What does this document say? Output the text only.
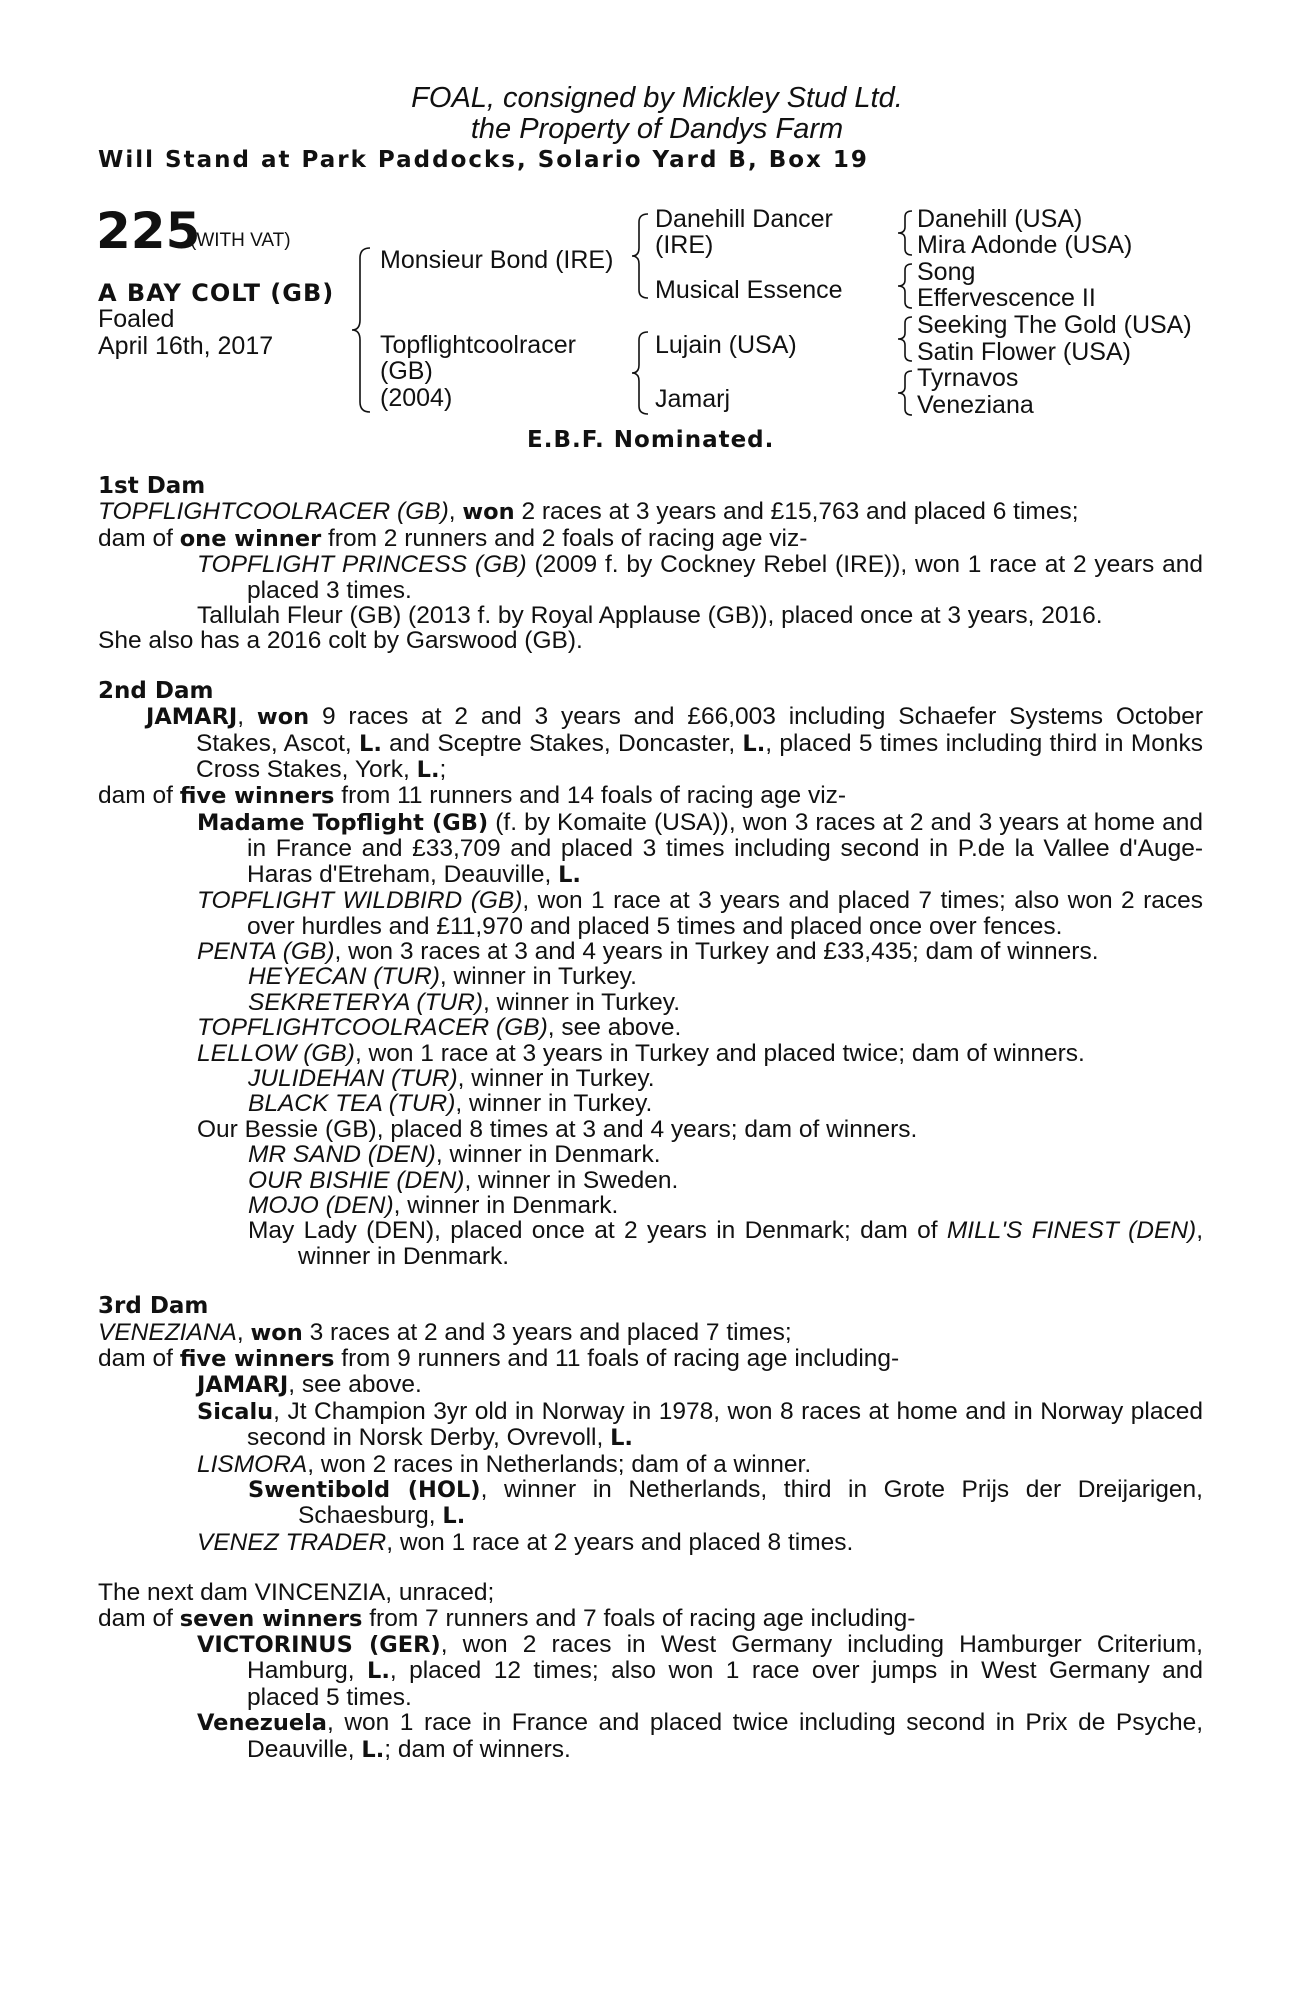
FOAL, consigned by Mickley Stud Ltd.
the Property of Dandys Farm
Will Stand at Park Paddocks, Solario Yard B, Box 19
225
(WITH VAT)
A BAY COLT (GB)
Foaled
April 16th, 2017
Monsieur Bond (IRE)
Topflightcoolracer
(GB)
(2004)
Danehill Dancer
(IRE)
Musical Essence
Lujain (USA)
Jamarj
Danehill (USA)
Mira Adonde (USA)
Song
Effervescence II
Seeking The Gold (USA)
Satin Flower (USA)
Tyrnavos
Veneziana
E.B.F. Nominated.
1st Dam
TOPFLIGHTCOOLRACER (GB), won 2 races at 3 years and £15,763 and placed 6 times;
dam of one winner from 2 runners and 2 foals of racing age viz-
TOPFLIGHT PRINCESS (GB) (2009 f. by Cockney Rebel (IRE)), won 1 race at 2 years and placed 3 times.
Tallulah Fleur (GB) (2013 f. by Royal Applause (GB)), placed once at 3 years, 2016.
She also has a 2016 colt by Garswood (GB).
2nd Dam
JAMARJ, won 9 races at 2 and 3 years and £66,003 including Schaefer Systems October Stakes, Ascot, L. and Sceptre Stakes, Doncaster, L., placed 5 times including third in Monks Cross Stakes, York, L.;
dam of five winners from 11 runners and 14 foals of racing age viz-
Madame Topflight (GB) (f. by Komaite (USA)), won 3 races at 2 and 3 years at home and in France and £33,709 and placed 3 times including second in P.de la Vallee d'Auge-Haras d'Etreham, Deauville, L.
TOPFLIGHT WILDBIRD (GB), won 1 race at 3 years and placed 7 times; also won 2 races over hurdles and £11,970 and placed 5 times and placed once over fences.
PENTA (GB), won 3 races at 3 and 4 years in Turkey and £33,435; dam of winners.
HEYECAN (TUR), winner in Turkey.
SEKRETERYA (TUR), winner in Turkey.
TOPFLIGHTCOOLRACER (GB), see above.
LELLOW (GB), won 1 race at 3 years in Turkey and placed twice; dam of winners.
JULIDEHAN (TUR), winner in Turkey.
BLACK TEA (TUR), winner in Turkey.
Our Bessie (GB), placed 8 times at 3 and 4 years; dam of winners.
MR SAND (DEN), winner in Denmark.
OUR BISHIE (DEN), winner in Sweden.
MOJO (DEN), winner in Denmark.
May Lady (DEN), placed once at 2 years in Denmark; dam of MILL'S FINEST (DEN), winner in Denmark.
3rd Dam
VENEZIANA, won 3 races at 2 and 3 years and placed 7 times;
dam of five winners from 9 runners and 11 foals of racing age including-
JAMARJ, see above.
Sicalu, Jt Champion 3yr old in Norway in 1978, won 8 races at home and in Norway placed second in Norsk Derby, Ovrevoll, L.
LISMORA, won 2 races in Netherlands; dam of a winner.
Swentibold (HOL), winner in Netherlands, third in Grote Prijs der Dreijarigen, Schaesburg, L.
VENEZ TRADER, won 1 race at 2 years and placed 8 times.
The next dam VINCENZIA, unraced;
dam of seven winners from 7 runners and 7 foals of racing age including-
VICTORINUS (GER), won 2 races in West Germany including Hamburger Criterium, Hamburg, L., placed 12 times; also won 1 race over jumps in West Germany and placed 5 times.
Venezuela, won 1 race in France and placed twice including second in Prix de Psyche, Deauville, L.; dam of winners.
